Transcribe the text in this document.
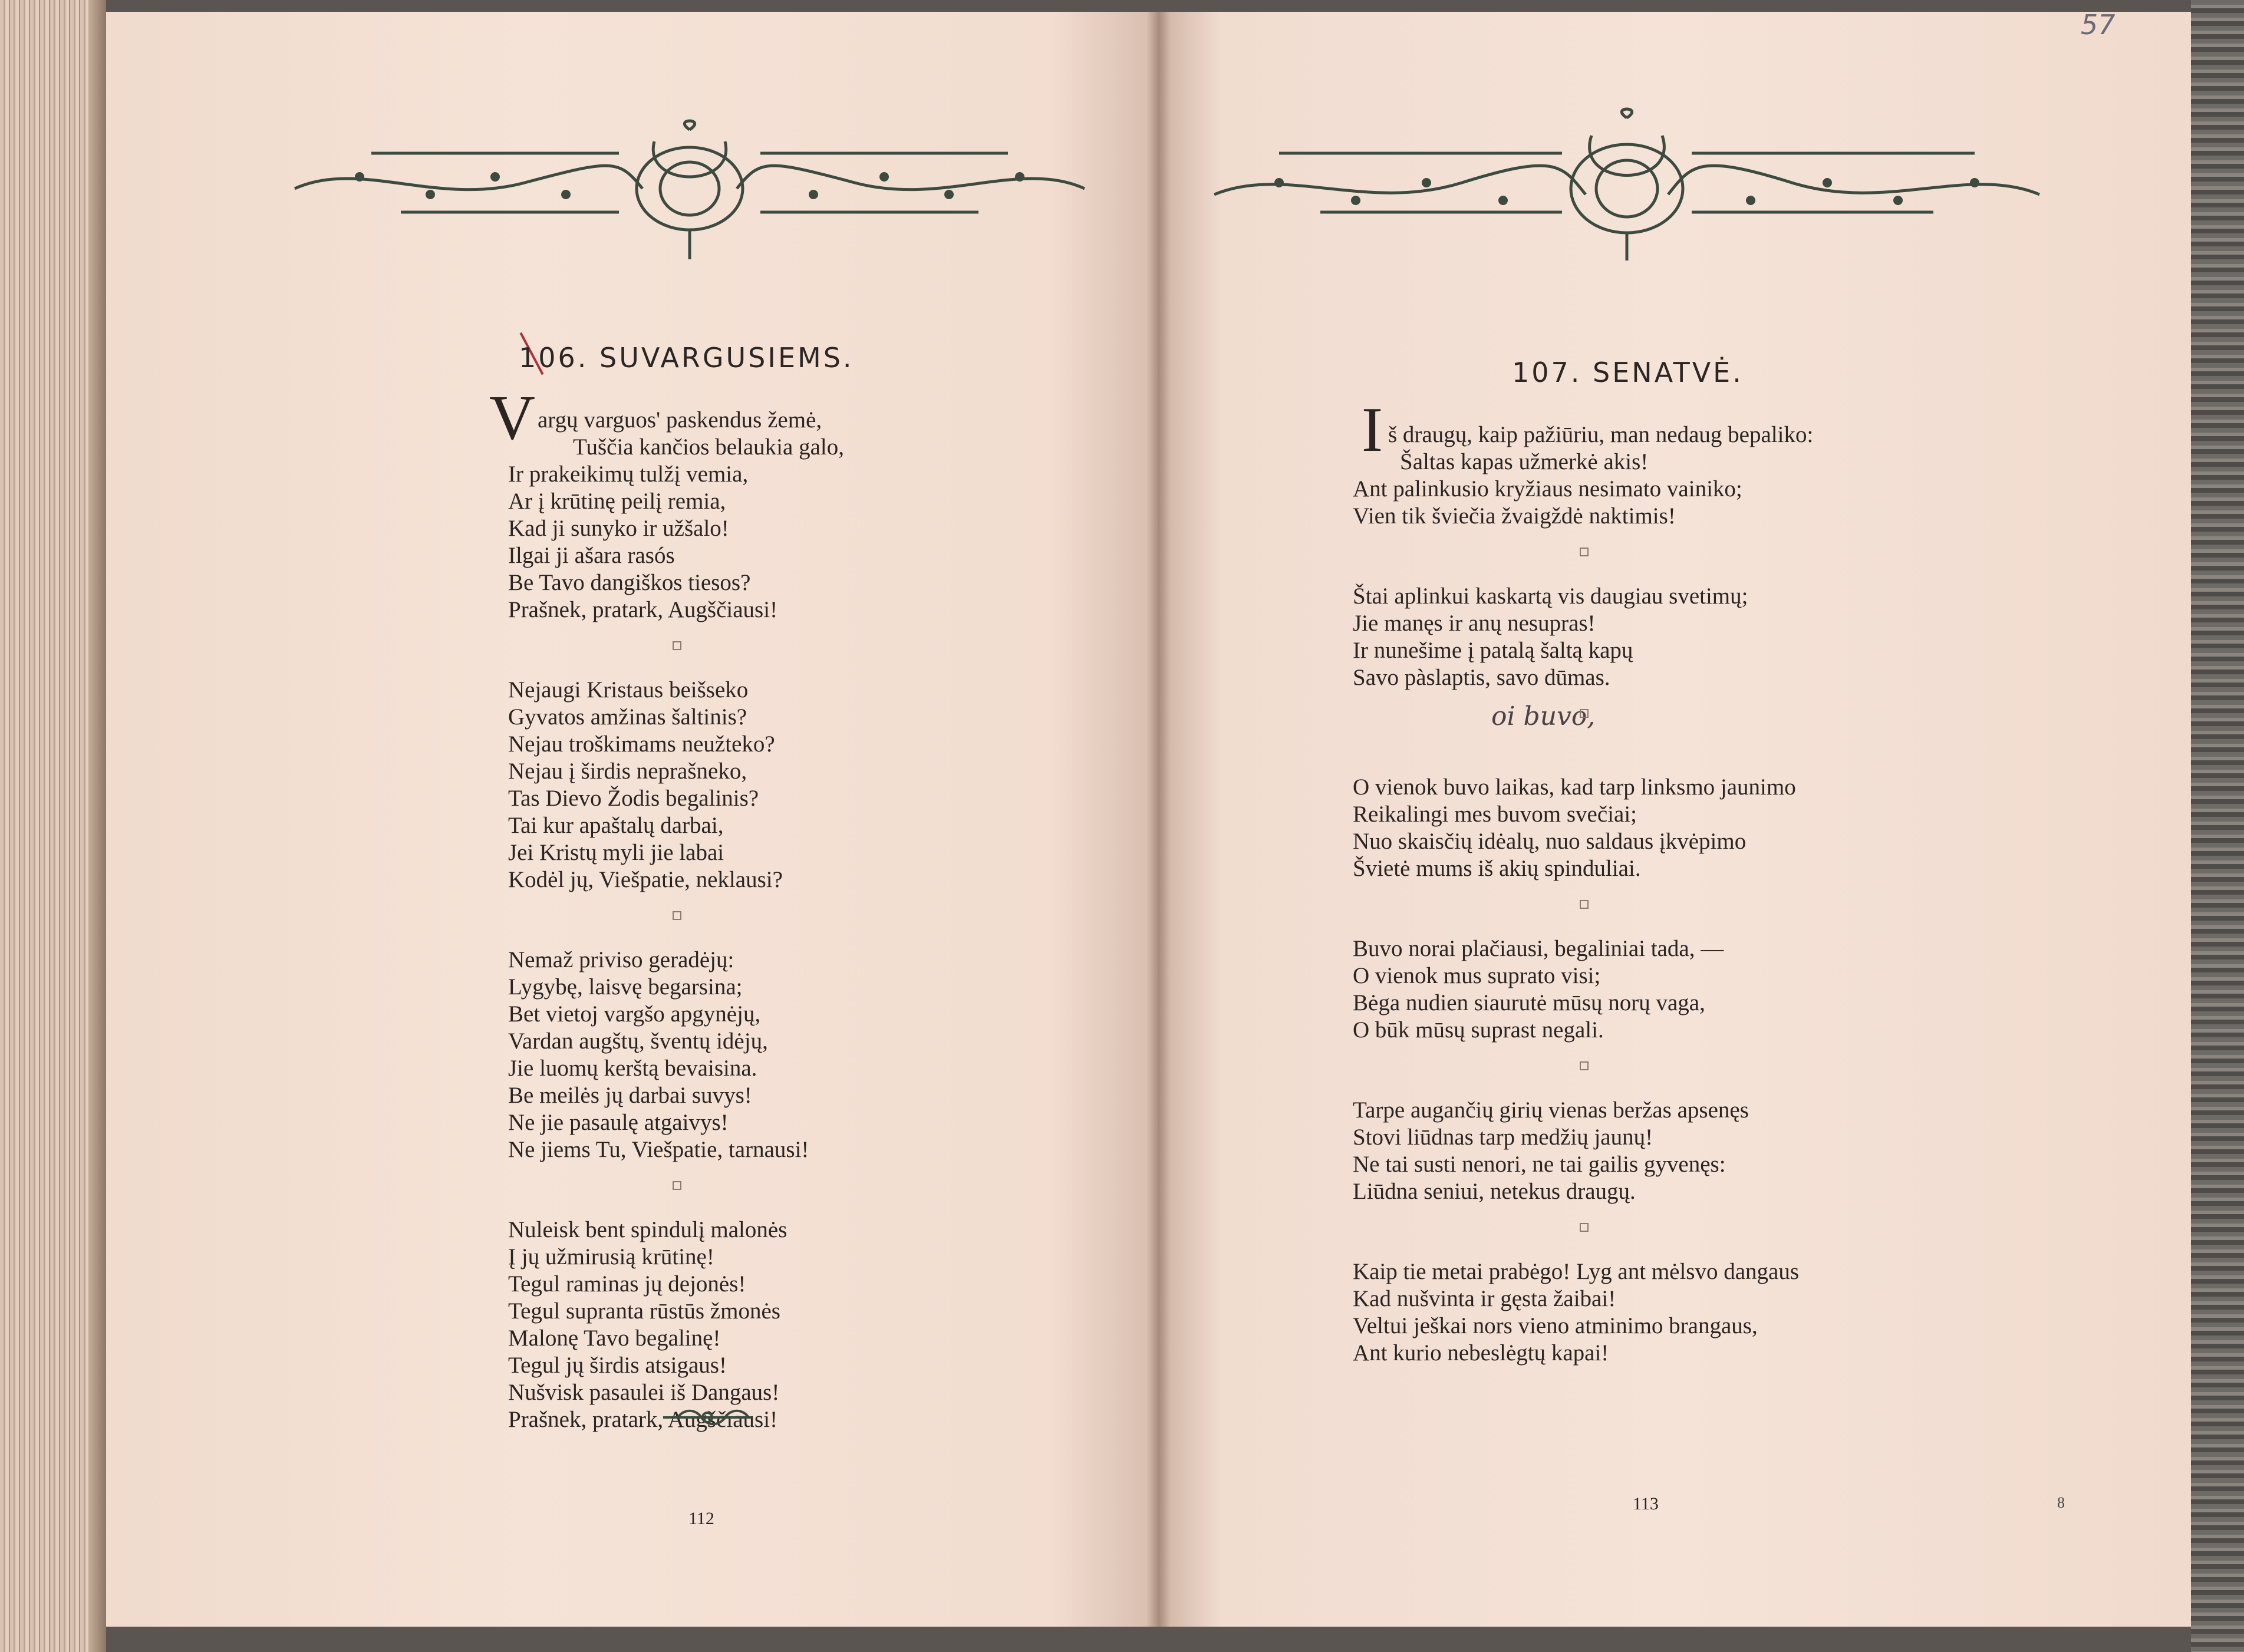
106. SUVARGUSIEMS.
V argų varguos' paskendus žemė,
Tuščia kančios belaukia galo,
Ir prakeikimų tulžį vemia,
Ar į krūtinę peilį remia,
Kad ji sunyko ir užšalo!
Ilgai ji ašara rasós
Be Tavo dangiškos tiesos?
Prašnek, pratark, Augščiausi!
Nejaugi Kristaus beišseko
Gyvatos amžinas šaltinis?
Nejau troškimams neužteko?
Nejau į širdis neprašneko,
Tas Dievo Žodis begalinis?
Tai kur apaštalų darbai,
Jei Kristų myli jie labai
Kodėl jų, Viešpatie, neklausi?
Nemaž priviso geradėjų:
Lygybę, laisvę begarsina;
Bet vietoj vargšo apgynėjų,
Vardan augštų, šventų idėjų,
Jie luomų kerštą bevaisina.
Be meilės jų darbai suvys!
Ne jie pasaulę atgaivys!
Ne jiems Tu, Viešpatie, tarnausi!
Nuleisk bent spindulį malonės
Į jų užmirusią krūtinę!
Tegul raminas jų dejonės!
Tegul supranta rūstūs žmonės
Malonę Tavo begalinę!
Tegul jų širdis atsigaus!
Nušvisk pasaulei iš Dangaus!
Prašnek, pratark, Augščiausi!
112
57
107. SENATVĖ.
I
oi buvo,
š draugų, kaip pažiūriu, man nedaug bepaliko:
Šaltas kapas užmerkė akis!
Ant palinkusio kryžiaus nesimato vainiko;
Vien tik šviečia žvaigždė naktimis!
Štai aplinkui kaskartą vis daugiau svetimų;
Jie manęs ir anų nesupras!
Ir nunešime į patalą šaltą kapų
Savo pàslaptis, savo dūmas.
O vienok buvo laikas, kad tarp linksmo jaunimo
Reikalingi mes buvom svečiai;
Nuo skaisčių idėalų, nuo saldaus įkvėpimo
Švietė mums iš akių spinduliai.
Buvo norai plačiausi, begaliniai tada, —
O vienok mus suprato visi;
Bėga nudien siaurutė mūsų norų vaga,
O būk mūsų suprast negali.
Tarpe augančių girių vienas beržas apsenęs
Stovi liūdnas tarp medžių jaunų!
Ne tai susti nenori, ne tai gailis gyvenęs:
Liūdna seniui, netekus draugų.
Kaip tie metai prabėgo! Lyg ant mėlsvo dangaus
Kad nušvinta ir gęsta žaibai!
Veltui ješkai nors vieno atminimo brangaus,
Ant kurio nebeslėgtų kapai!
113	8
